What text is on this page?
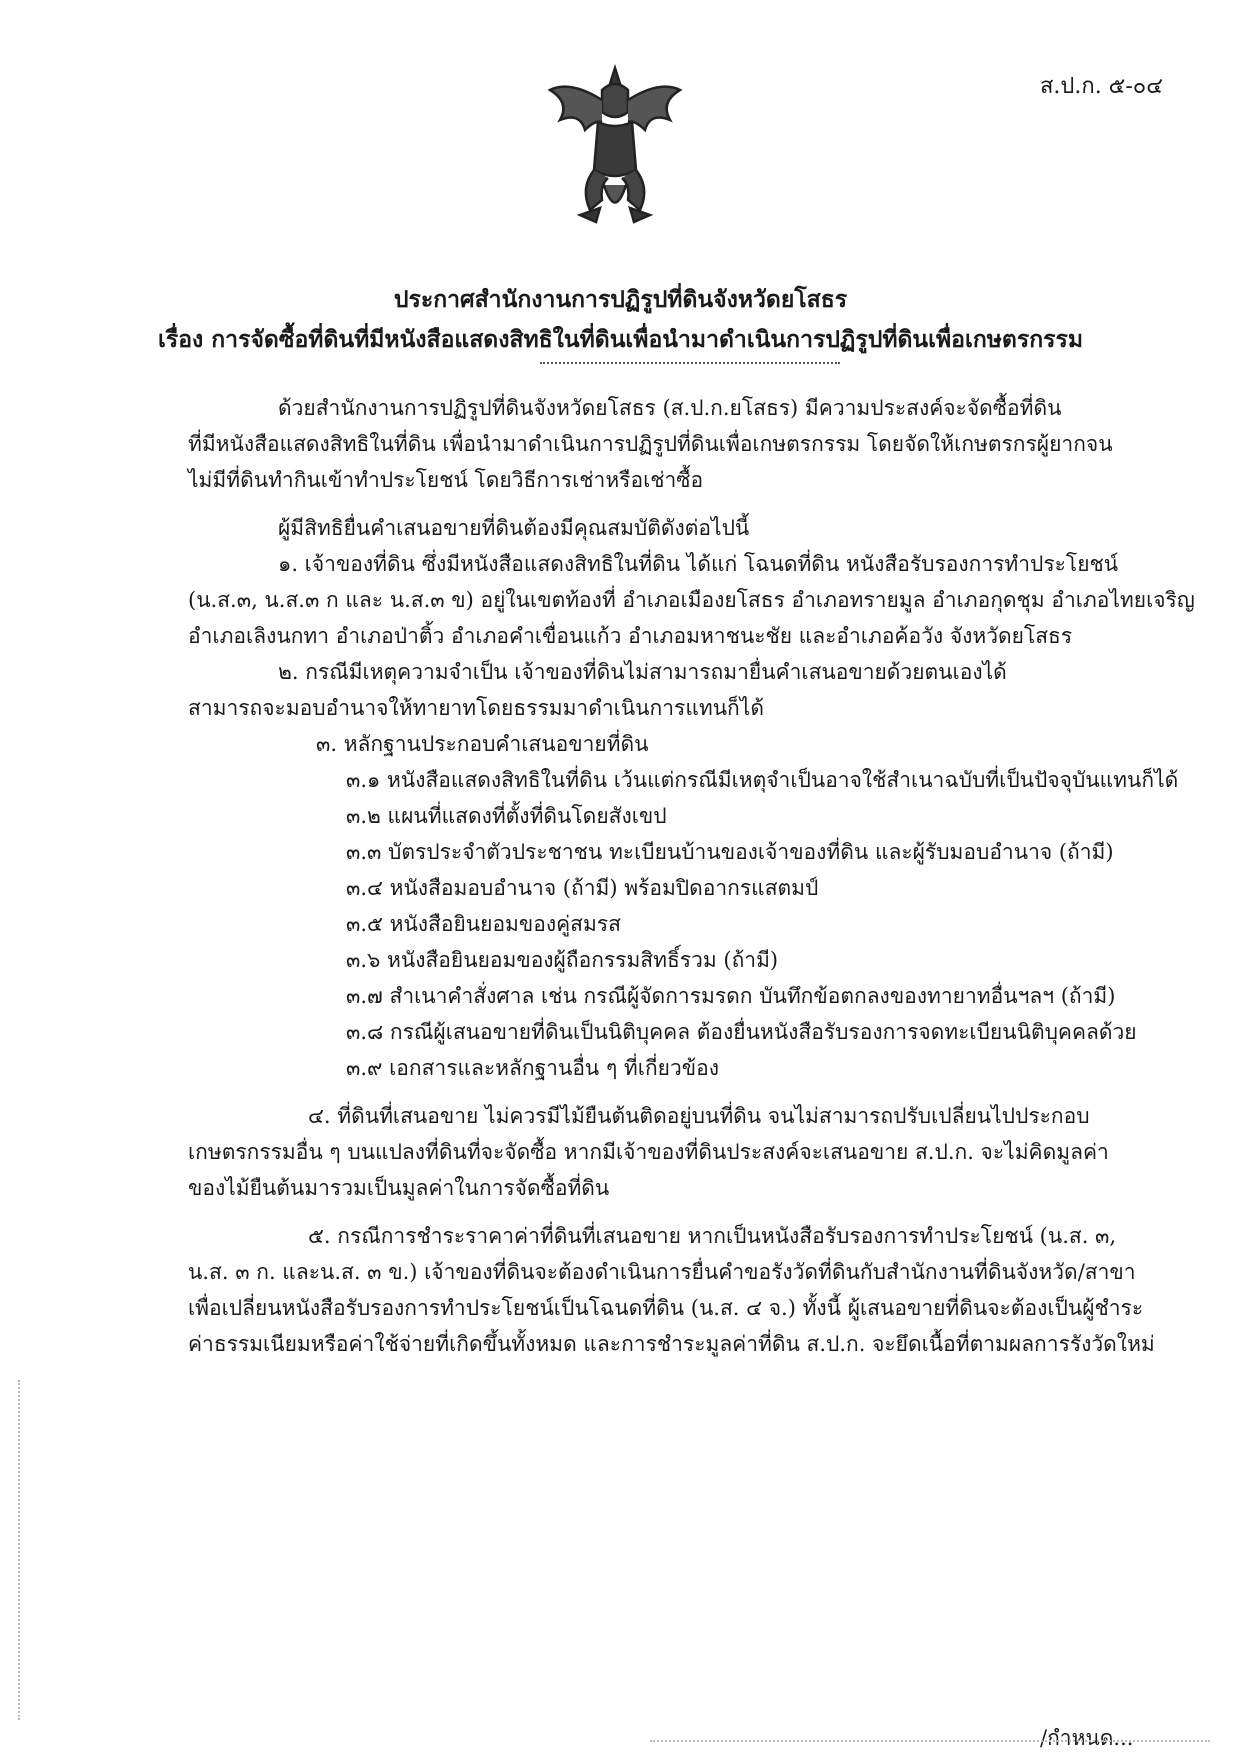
ส.ป.ก. ๕-๐๔
ประกาศสำนักงานการปฏิรูปที่ดินจังหวัดยโสธร
เรื่อง การจัดซื้อที่ดินที่มีหนังสือแสดงสิทธิในที่ดินเพื่อนำมาดำเนินการปฏิรูปที่ดินเพื่อเกษตรกรรม
ด้วยสำนักงานการปฏิรูปที่ดินจังหวัดยโสธร (ส.ป.ก.ยโสธร) มีความประสงค์จะจัดซื้อที่ดิน
ที่มีหนังสือแสดงสิทธิในที่ดิน เพื่อนำมาดำเนินการปฏิรูปที่ดินเพื่อเกษตรกรรม โดยจัดให้เกษตรกรผู้ยากจน
ไม่มีที่ดินทำกินเข้าทำประโยชน์ โดยวิธีการเช่าหรือเช่าซื้อ
ผู้มีสิทธิยื่นคำเสนอขายที่ดินต้องมีคุณสมบัติดังต่อไปนี้
๑. เจ้าของที่ดิน ซึ่งมีหนังสือแสดงสิทธิในที่ดิน ได้แก่ โฉนดที่ดิน หนังสือรับรองการทำประโยชน์
(น.ส.๓, น.ส.๓ ก และ น.ส.๓ ข) อยู่ในเขตท้องที่ อำเภอเมืองยโสธร อำเภอทรายมูล อำเภอกุดชุม อำเภอไทยเจริญ
อำเภอเลิงนกทา อำเภอป่าติ้ว อำเภอคำเขื่อนแก้ว อำเภอมหาชนะชัย และอำเภอค้อวัง จังหวัดยโสธร
๒. กรณีมีเหตุความจำเป็น เจ้าของที่ดินไม่สามารถมายื่นคำเสนอขายด้วยตนเองได้
สามารถจะมอบอำนาจให้ทายาทโดยธรรมมาดำเนินการแทนก็ได้
๓. หลักฐานประกอบคำเสนอขายที่ดิน
๓.๑ หนังสือแสดงสิทธิในที่ดิน เว้นแต่กรณีมีเหตุจำเป็นอาจใช้สำเนาฉบับที่เป็นปัจจุบันแทนก็ได้
๓.๒ แผนที่แสดงที่ตั้งที่ดินโดยสังเขป
๓.๓ บัตรประจำตัวประชาชน ทะเบียนบ้านของเจ้าของที่ดิน และผู้รับมอบอำนาจ (ถ้ามี)
๓.๔ หนังสือมอบอำนาจ (ถ้ามี) พร้อมปิดอากรแสตมป์
๓.๕ หนังสือยินยอมของคู่สมรส
๓.๖ หนังสือยินยอมของผู้ถือกรรมสิทธิ์รวม (ถ้ามี)
๓.๗ สำเนาคำสั่งศาล เช่น กรณีผู้จัดการมรดก บันทึกข้อตกลงของทายาทอื่นฯลฯ (ถ้ามี)
๓.๘ กรณีผู้เสนอขายที่ดินเป็นนิติบุคคล ต้องยื่นหนังสือรับรองการจดทะเบียนนิติบุคคลด้วย
๓.๙ เอกสารและหลักฐานอื่น ๆ ที่เกี่ยวข้อง
๔. ที่ดินที่เสนอขาย ไม่ควรมีไม้ยืนต้นติดอยู่บนที่ดิน จนไม่สามารถปรับเปลี่ยนไปประกอบ
เกษตรกรรมอื่น ๆ บนแปลงที่ดินที่จะจัดซื้อ หากมีเจ้าของที่ดินประสงค์จะเสนอขาย ส.ป.ก. จะไม่คิดมูลค่า
ของไม้ยืนต้นมารวมเป็นมูลค่าในการจัดซื้อที่ดิน
๕. กรณีการชำระราคาค่าที่ดินที่เสนอขาย หากเป็นหนังสือรับรองการทำประโยชน์ (น.ส. ๓,
น.ส. ๓ ก. และน.ส. ๓ ข.) เจ้าของที่ดินจะต้องดำเนินการยื่นคำขอรังวัดที่ดินกับสำนักงานที่ดินจังหวัด/สาขา
เพื่อเปลี่ยนหนังสือรับรองการทำประโยชน์เป็นโฉนดที่ดิน (น.ส. ๔ จ.) ทั้งนี้ ผู้เสนอขายที่ดินจะต้องเป็นผู้ชำระ
ค่าธรรมเนียมหรือค่าใช้จ่ายที่เกิดขึ้นทั้งหมด และการชำระมูลค่าที่ดิน ส.ป.ก. จะยึดเนื้อที่ตามผลการรังวัดใหม่
/กำหนด...
